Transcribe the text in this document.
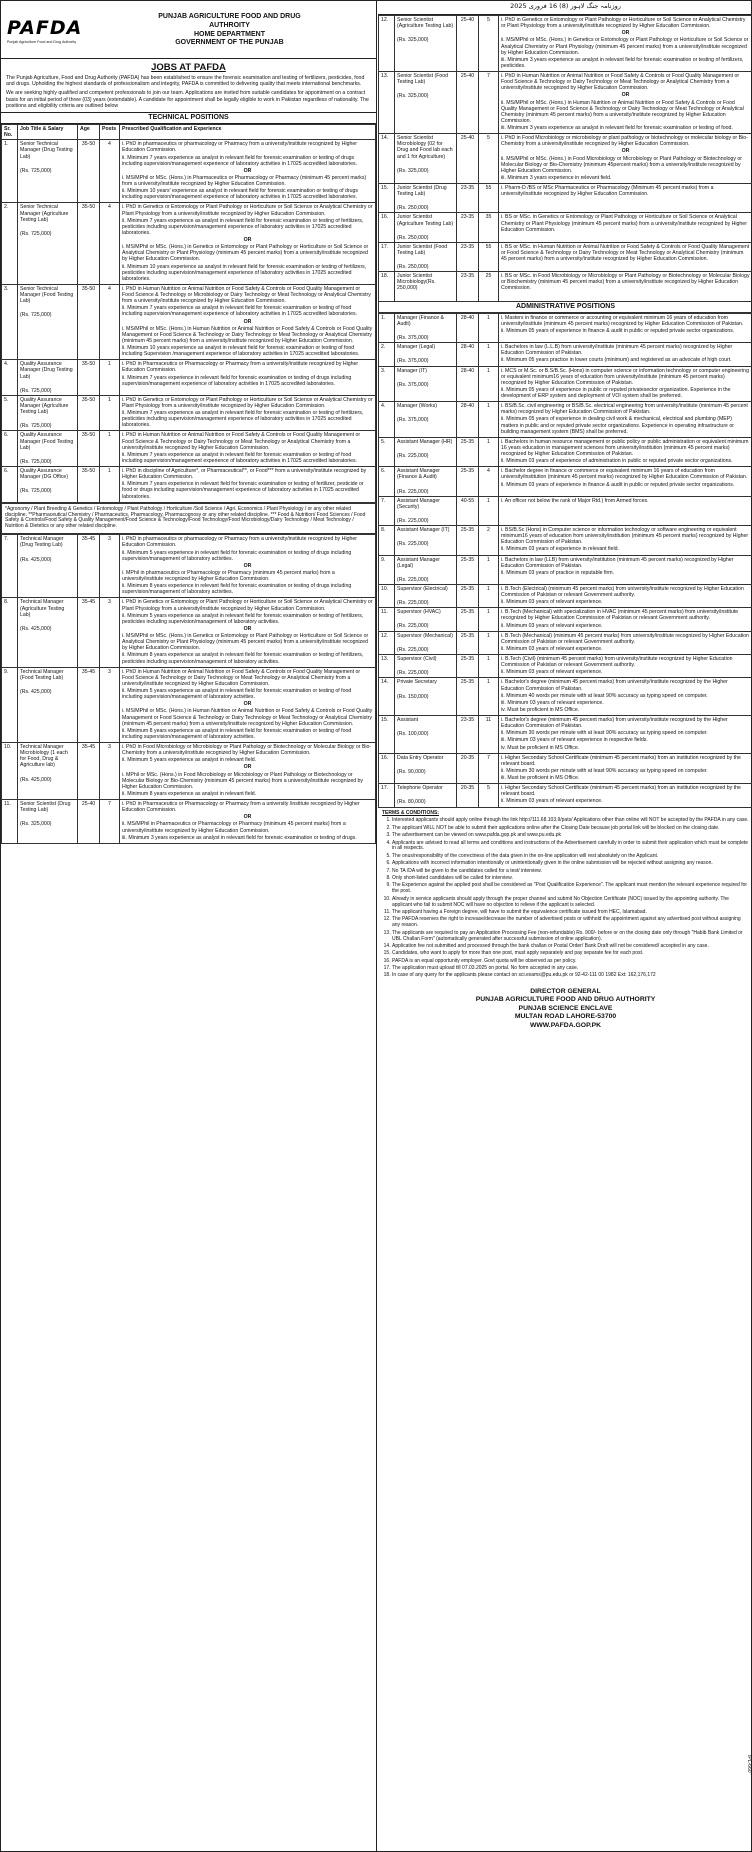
PAFDA
Punjab Agriculture Food and Drug Authority
PUNJAB AGRICULTURE FOOD AND DRUG
AUTHROITY
HOME DEPARTMENT
GOVERNMENT OF THE PUNJAB
JOBS AT PAFDA

The Punjab Agriculture, Food and Drug Authority (PAFDA) has been established to ensure the forensic examination and testing of fertilizers, pesticides, food and drugs. Upholding the highest standards of professionalism and integrity, PAFDA is committed to delivering quality that meets international benchmarks.

We are seeking highly qualified and competent professionals to join our team. Applications are invited from suitable candidates for appointment on a contract basis for an initial period of three (03) years (extendable). A candidate for appointment shall be legally eligible to work in Pakistan regardless of nationality. The positions and eligibility criteria are outlined below

TECHNICAL POSITIONS
Sr. No.	Job Title & Salary	Age	Posts	Prescribed Qualification and Experience
1.	Senior Technical Manager (Drug Testing Lab)
(Rs. 725,000)	35-50	4	i. PhD in pharmaceutics or pharmacology or Pharmacy from a university/institute recognized by Higher Education Commission.
ii. Minimum 7 years experience as analyst in relevant field for forensic examination or testing of drugs including supervision/management experience of laboratory activities in 17025 accredited laboratories.
OR
i. MS/MPhil or MSc. (Hons.) in Pharmaceutics or Pharmacology or Pharmacy (minimum 45 percent marks) from a university/institute recognized by Higher Education Commission.
ii. Minimum 10 years' experience as analyst in relevant field for forensic examination or testing of drugs including supervision/management experience of laboratory activities in 17025 accredited laboratories.

2.	Senior Technical Manager (Agriculture Testing Lab)
(Rs. 725,000)	35-50	4	i. PhD in Genetics or Entomology or Plant Pathology or Horticulture or Soil Science or Analytical Chemistry or Plant Physiology from a university/institute recognized by Higher Education Commission.
ii. Minimum 7 years experience as analyst in relevant field for forensic examination or testing of fertilizers, pesticides including supervision/management experience of laboratory activities in 17025 accredited laboratories.
OR
i. MS/MPhil or MSc. (Hons.) in Genetics or Entomology or Plant Pathology or Horticulture or Soil Science or Analytical Chemistry or Plant Physiology (minimum 45 percent marks) from a university/institute recognized by Higher Education Commission.
ii. Minimum 10 years experience as analyst in relevant field for forensic examination or testing of fertilizers, pesticides including supervision/management experience of laboratory activities in 17025 accredited laboratories.

3.	Senior Technical Manager (Food Testing Lab)
(Rs. 725,000)	35-50	4	i. PhD in Human Nutrition or Animal Nutrition or Food Safety & Controls or Food Quality Management or Food Science & Technology or Microbiology or Dairy Technology or Meat Technology or Analytical Chemistry from a university/institute recognized by Higher Education Commission.
ii. Minimum 7 years experience as analyst in relevant field for forensic examination or testing of food including supervision/management experience of laboratory activities in 17025 accredited laboratories.
OR
i. MS/MPhil or MSc. (Hons.) in Human Nutrition or Animal Nutrition or Food Safety & Controls or Food Quality Management or Food Science & Technology or Dairy Technology or Meat Technology or Analytical Chemistry (minimum 45 percent marks) from a university/institute recognized by Higher Education Commission.
ii. Minimum 10 years experience as analyst in relevant field for forensic examination or testing of food including Supervision /management experience of laboratory activities in 17025 accredited laboratories.

4.	Quality Assurance Manager (Drug Testing Lab)
(Rs. 725,000)	35-50	1	i. PhD in Pharmaceutics or Pharmacology or Pharmacy from a university/institute recognized by Higher Education Commission.
ii. Minimum 7 years experience in relevant field for forensic examination or testing of drugs including supervision/management experience of laboratory activities in 17025 accredited laboratories.

5.	Quality Assurance Manager (Agriculture Testing Lab)
(Rs. 725,000)	35-50	1	i. PhD in Genetics or Entomology or Plant Pathology or Horticulture or Soil Science or Analytical Chemistry or Plant Physiology from a university/institute recognized by Higher Education Commission.
ii. Minimum 7 years experience as analyst in relevant field for forensic examination or testing of fertilizers, pesticides including supervision/management experience of laboratory activities in 17025 accredited laboratories.

6.	Quality Assurance Manager (Food Testing Lab)
(Rs. 725,000)	35-50	1	i. PhD in Human Nutrition or Animal Nutrition or Food Safety & Controls or Food Quality Management or Food Science & Technology or Dairy Technology or Meat Technology or Analytical Chemistry from a university/institute recognized by Higher Education Commission.
ii. Minimum 7 years experience as analyst in relevant field for forensic examination or testing of food including supervision/management experience of laboratory activities in 17025 accredited laboratories.

6.	Quality Assurance Manager (DG Office)
(Rs. 725,000)	35-50	1	i. PhD in discipline of Agriculture*, or Pharmaceutical**, or Food*** from a university/institute recognized by Higher Education Commission.
ii. Minimum 7 years experience in relevant field for forensic examination or testing of fertilizer, pesticide or food or drugs including supervision/management experience of laboratory activities in 17025 accredited laboratories.
*Agronomy / Plant Breeding & Genetics / Entomology / Plant Pathology / Horticulture /Soil Science / Agri. Economics / Plant Physiology / or any other related discipline. **Pharmaceutical Chemistry / Pharmaceutics, Pharmacology, Pharmacognosy or any other related discipline. *** Food & Nutrition/ Food Sciences / Food Safety & Controls/Food Safety & Quality Management/Food Science & Technology/Food Technology/Food Microbiology/Dairy Technology / Meat Technology / Nutrition & Dietetics or any other related discipline.
7.	Technical Manager (Drug Testing Lab)
(Rs. 425,000)	35-45	3	i. PhD in pharmaceutics or pharmacology or Pharmacy from a university/institute recognized by Higher Education Commission.
ii. Minimum 5 years experience in relevant field for forensic examination or testing of drugs including supervision/management of laboratory activities.
OR
i. MPhil in pharmaceutics or Pharmacology or Pharmacy (minimum 45 percent marks) from a university/institute recognized by Higher Education Commission.
ii. Minimum 8 years experience in relevant field for forensic examination or testing of drugs including supervision/management of laboratory activities.

8.	Technical Manager (Agriculture Testing Lab)
(Rs. 425,000)	35-45	3	i. PhD in Genetics or Entomology or Plant Pathology or Horticulture or Soil Science or Analytical Chemistry or Plant Physiology from a university/institute recognized by Higher Education Commission.
ii. Minimum 5 years experience as analyst in relevant field for forensic examination or testing of fertilizers, pesticides including supervision/management of laboratory activities.
OR
i. MS/MPhil or MSc. (Hons.) in Genetics or Entomology or Plant Pathology or Horticulture or Soil Science or Analytical Chemistry or Plant Physiology (minimum 45 percent marks) from a university/institute recognized by Higher Education Commission.
ii. Minimum 8 years experience as analyst in relevant field for forensic examination or testing of fertilizers, pesticides including supervision/management of laboratory activities.

9.	Technical Manager (Food Testing Lab)
(Rs. 425,000)	35-45	3	i. PhD in Human Nutrition or Animal Nutrition or Food Safety & Controls or Food Quality Management or Food Science & Technology or Dairy Technology or Meat Technology or Analytical Chemistry from a university/institute recognized by Higher Education Commission.
ii. Minimum 5 years experience as analyst in relevant field for forensic examination or testing of food including supervision/management of laboratory activities.
OR
i. MS/MPhil or MSc. (Hons.) in Human Nutrition or Animal Nutrition or Food Safety & Controls or Food Quality Management or Food Science & Technology or Dairy Technology or Meat Technology or Analytical Chemistry (minimum 45 percent marks) from a university/institute recognized by Higher Education Commission.
ii. Minimum 8 years experience as analyst in relevant field for forensic examination or testing of food including supervision/management of laboratory activities.

10.	Technical Manager Microbiology (1 each for Food, Drug & Agriculture lab)
(Rs. 425,000)	35-45	3	i. PhD in Food Microbiology or Microbiology or Plant Pathology or Biotechnology or Molecular Biology or Bio-Chemistry from a university/institute recognized by Higher Education Commission.
ii. Minimum 5 years experience as analyst in relevant field.
OR
i. MPhil or MSc. (Hons.) in Food Microbiology or Microbiology or Plant Pathology or Biotechnology or Molecular Biology or Bio-Chemistry (minimum 45 percent marks) from a university/institute recognized by Higher Education Commission.
ii. Minimum 8 years experience as analyst in relevant field.

11.	Senior Scientist (Drug Testing Lab)
(Rs. 325,000)	25-40	7	i. PhD in Pharmaceutics or Pharmacology or Pharmacy from a university /institute recognized by Higher Education Commission.
OR
ii. MS/MPhil in Pharmaceutics or Pharmacology or Pharmacy (minimum 45 percent marks) from a university/institute recognized by Higher Education Commission.
iii. Minimum 3 years experience as analyst in relevant field for forensic examination or testing of drugs.
روزنامہ جنگ لاہور (8) 16 فروری 2025
12.	Senior Scientist (Agriculture Testing Lab)
(Rs. 325,000)	25-40	5	i. PhD in Genetics or Entomology or Plant Pathology or Horticulture or Soil Science or Analytical Chemistry or Plant Physiology from a university/institute recognized by Higher Education Commission.
OR
ii. MS/MPhil or MSc. (Hons.) in Genetics or Entomology or Plant Pathology or Horticulture or Soil Science or Analytical Chemistry or Plant Physiology (minimum 45 percent marks) from a university/institute recognized by Higher Education Commission.
iii. Minimum 3 years experience as analyst in relevant field for forensic examination or testing of fertilizers, pesticides.

13.	Senior Scientist (Food Testing Lab)
(Rs. 325,000)	25-40	7	i. PhD in Human Nutrition or Animal Nutrition or Food Safety & Controls or Food Quality Management or Food Science & Technology or Dairy Technology or Meat Technology or Analytical Chemistry from a university/institute recognized by Higher Education Commission.
OR
ii. MS/MPhil or MSc. (Hons.) in Human Nutrition or Animal Nutrition or Food Safety & Controls or Food Quality Management or Food Science & Technology or Dairy Technology or Meat Technology or Analytical Chemistry (minimum 45 percent marks) from a university/institute recognized by Higher Education Commission.
iii. Minimum 3 years experience as analyst in relevant field for forensic examination or testing of food.

14.	Senior Scientist Microbiology (02 for Drug and Food lab each and 1 for Agriculture)
(Rs. 325,000)	25-40	5	i. PhD in Food Microbiology or microbiology or plant pathology or biotechnology or molecular biology or Bio-Chemistry from a university/institute recognized by Higher Education Commission.
OR
ii. MS/MPhil or MSc. (Hons.) in Food Microbiology or Microbiology or Plant Pathology or Biotechnology or Molecular Biology or Bio-Chemistry (minimum 45percent marks) from a university/institute recognized by Higher Education Commission.
iii. Minimum 3 years experience in relevant field.

15.	Junior Scientist (Drug Testing Lab)
(Rs. 250,000)	23-35	55	i. Pharm-D /BS or MSc Pharmaceutics or Pharmacology (Minimum 45 percent marks) from a university/institute recognized by Higher Education Commission.

16.	Junior Scientist (Agriculture Testing Lab)
(Rs. 250,000)	23-35	35	i. BS or MSc. in Genetics or Entomology or Plant Pathology or Horticulture or Soil Science or Analytical Chemistry or Plant Physiology (minimum 45 percent marks) from a university/institute recognized by Higher Education Commission.

17.	Junior Scientist (Food Testing Lab)
(Rs. 250,000)	23-35	55	i. BS or MSc. in Human Nutrition or Animal Nutrition or Food Safety & Controls or Food Quality Management or Food Science & Technology or Dairy Technology or Meat Technology or Analytical Chemistry (minimum 45 percent marks) from a university/institute recognized by Higher Education Commission.

18.	Junior Scientist Microbiology(Rs. 250,000)	23-35	25	i. BS or MSc. in Food Microbiology or Microbiology or Plant Pathology or Biotechnology or Molecular Biology or Biochemistry (minimum 45 percent marks) from a university/institute recognized by Higher Education Commission.
ADMINISTRATIVE POSITIONS
1.	Manager (Finance & Audit)
(Rs. 375,000)	28-40	1	i. Masters in finance or commerce or accounting or equivalent minimum 16 years of education from university/institute (minimum 45 percent marks) recognized by Higher Education Commission of Pakistan.
ii. Minimum 05 years of experience in finance & audit in public or reputed private sector organizations.

2.	Manager (Legal)
(Rs. 375,000)	28-40	1	i. Bachelors in law (L.L.B) from university/institute (minimum 45 percent marks) recognized by Higher Education Commission of Pakistan.
ii. Minimum 05 years practice in lower courts (minimum) and registered as an advocate of high court.

3.	Manager (IT)
(Rs. 375,000)	28-40	1	i. MCS or M.Sc. or B.S/B.Sc. (Hons) in computer science or information technology or computer engineering or equivalent minimum16 years of education from university/institute (minimum 45 percent marks) recognized by Higher Education Commission of Pakistan.
ii. Minimum 05 years of experience in public or reputed privatesector organization. Experience in the development of ERP system and deployment of VOI system shall be preferred.

4.	Manager (Works)
(Rs. 375,000)	28-40	1	i. BS/B.Sc. civil engineering or BS/B.Sc. electrical engineering from university/institute (minimum 45 percent marks) recognized by Higher Education Commission of Pakistan.
ii. Minimum 05 years of experience in dealing civil work & mechanical, electrical and plumbing (MEP) matters in public and or reputed private sector organizations. Experience in operating infrastructure or building management system (BMS) shall be preferred.

5.	Assistant Manager (HR)
(Rs. 225,000)	25-35	1	i. Bachelors in human resource management or public policy or public administration or equivalent minimum 16 years education in management sciences from university/institution (minimum 45 percent marks) recognized by Higher Education Commission of Pakistan.
ii. Minimum 03 years of experience of administration in public or reputed private sector organizations.

6.	Assistant Manager (Finance & Audit)
(Rs. 225,000)	25-35	4	i. Bachelor degree in finance or commerce or equivalent minimum 16 years of education from university/institution (minimum 45 percent marks) recognized by Higher Education Commission of Pakistan.
ii. Minimum 03 years of experience in finance & audit in public or reputed private sector organizations.

7.	Assistant Manager (Security)
(Rs. 225,000)	40-55	1	i. An officer not below the rank of Major Rtd.) from Armed forces.

8.	Assistant Manager (IT)
(Rs. 225,000)	25-35	2	i. BS/B.Sc (Hons) in Computer science or information technology or software engineering or equivalent minimum16 years of education from university/institution (minimum 45 percent marks) recognized by Higher Education Commission of Pakistan.
ii. Minimum 03 years of experience in relevant field.

9.	Assistant Manager (Legal)
(Rs. 225,000)	25-35	1	i. Bachelors in law (LLB) from university/institution (minimum 45 percent marks) recognized by Higher Education Commission of Pakistan.
ii. Minimum 03 years of practice in reputable firm.

10.	Supervisor (Electrical)
(Rs. 225,000)	25-35	1	i. B.Tech (Electrical) (minimum 45 percent marks) from university/institute recognized by Higher Education Commission of Pakistan or relevant Government authority.
ii. Minimum 03 years of relevant experience.

11.	Supervisor (HVAC)
(Rs. 225,000)	25-35	1	i. B.Tech (Mechanical) with specialization in HVAC (minimum 45 percent marks) from university/institute recognized by Higher Education Commission of Pakistan or relevant Government authority.
ii. Minimum 03 years of relevant experience.

12.	Supervisor (Mechanical)
(Rs. 225,000)	25-35	1	i. B.Tech (Mechanical) (minimum 45 percent marks) from university/institute recognized by Higher Education Commission of Pakistan or relevant Government authority.
ii. Minimum 03 years of relevant experience.

13.	Supervisor (Civil)
(Rs. 225,000)	25-35	1	i. B.Tech (Civil) (minimum 45 percent marks) from university/institute recognized by Higher Education Commission of Pakistan or relevant Government authority.
ii. Minimum 03 years of relevant experience.

14.	Private Secretary
(Rs. 150,000)	25-35	1	i. Bachelor's degree (minimum 45 percent marks) from university/institute recognized by the Higher Education Commission of Pakistan.
ii. Minimum 40 words per minute with at least 90% accuracy as typing speed on computer.
iii. Minimum 03 years of relevant experience.
iv. Must be proficient in MS Office.

15.	Assistant
(Rs. 100,000)	23-35	11	i. Bachelor's degree (minimum 45 percent marks) from university/institute recognized by the Higher Education Commission of Pakistan.
ii. Minimum 30 words per minute with at least 90% accuracy as typing speed on computer.
iii. Minimum 03 years of relevant experience in respective fields.
iv. Must be proficient in MS Office.

16.	Data Entry Operator
(Rs. 90,000)	20-35	7	i. Higher Secondary School Certificate (minimum 45 percent marks) from an institution recognized by the relevant board.
ii. Minimum 30 words per minute with at least 90% accuracy as typing speed on computer.
iii. Must be proficient in MS Office.

17.	Telephone Operator
(Rs. 80,000)	20-35	5	i. Higher Secondary School Certificate (minimum 45 percent marks) from an institution recognized by the relevant board.
ii. Minimum 03 years of relevant experience.
TERMS & CONDITIONS:
1. Interested applicants should apply online through the link http://111.68.103.9/pats/ Applications other than online will NOT be accepted by the PAFDA in any case.
2. The applicant WILL NOT be able to submit their applications online after the Closing Date because job portal link will be blocked on the closing date.
3. The advertisement can be viewed on www.pafda.gop.pk and www.pu.edu.pk
4. Applicants are advised to read all terms and conditions and instructions of the Advertisement carefully in order to submit their application which must be complete in all respects.
5. The onus/responsibility of the correctness of the data given in the on-line application will rest absolutely on the Applicant.
6. Applications with incorrect information intentionally or unintentionally given in the online submission will be rejected without assigning any reason.
7. No TA /DA will be given to the candidates called for a test/ interview.
8. Only short-listed candidates will be called for interview.
9. The Experience against the applied post shall be considered as "Post Qualification Experience". The applicant must mention the relevant experience required for the post.
10. Already in service applicants should apply through the proper channel and submit No Objection Certificate (NOC) issued by the appointing authority. The applicant who fail to submit NOC will have no objection to relieve if the applicant is selected.
11. The applicant having a Foreign degree, will have to submit the equivalence certificate issued from HEC, Islamabad.
12. The PAFDA reserves the right to increase/decrease the number of advertised posts or withhold the appointment against any advertised post without assigning any reason.
13. The applicants are required to pay an Application Processing Fee (non-refundable) Rs. 900/- before or on the closing date only through "Habib Bank Limited or UBL Challan Form" (automatically generated after successful submission of online application).
14. Application fee not submitted and processed through the bank challan or Postal Order/ Bank Draft will not be considered/ accepted in any case.
15. Candidates, who want to apply for more than one post, must apply separately and pay separate fee for each post.
16. PAFDA is an equal opportunity employer. Govt quota will be observed as per policy.
17. The application must upload till 07.03.2025 on portal. No form accepted in any case.
18. In case of any query for the applicants please contact on sci.exams@pu.edu.pk or 92-42-111 00 1982 Ext: 162,176,172
DIRECTOR GENERAL
PUNJAB AGRICULTURE FOOD AND DRUG AUTHORITY
PUNJAB SCIENCE ENCLAVE
MULTAN ROAD LAHORE-53700
WWW.PAFDA.GOP.PK
IPL-660
